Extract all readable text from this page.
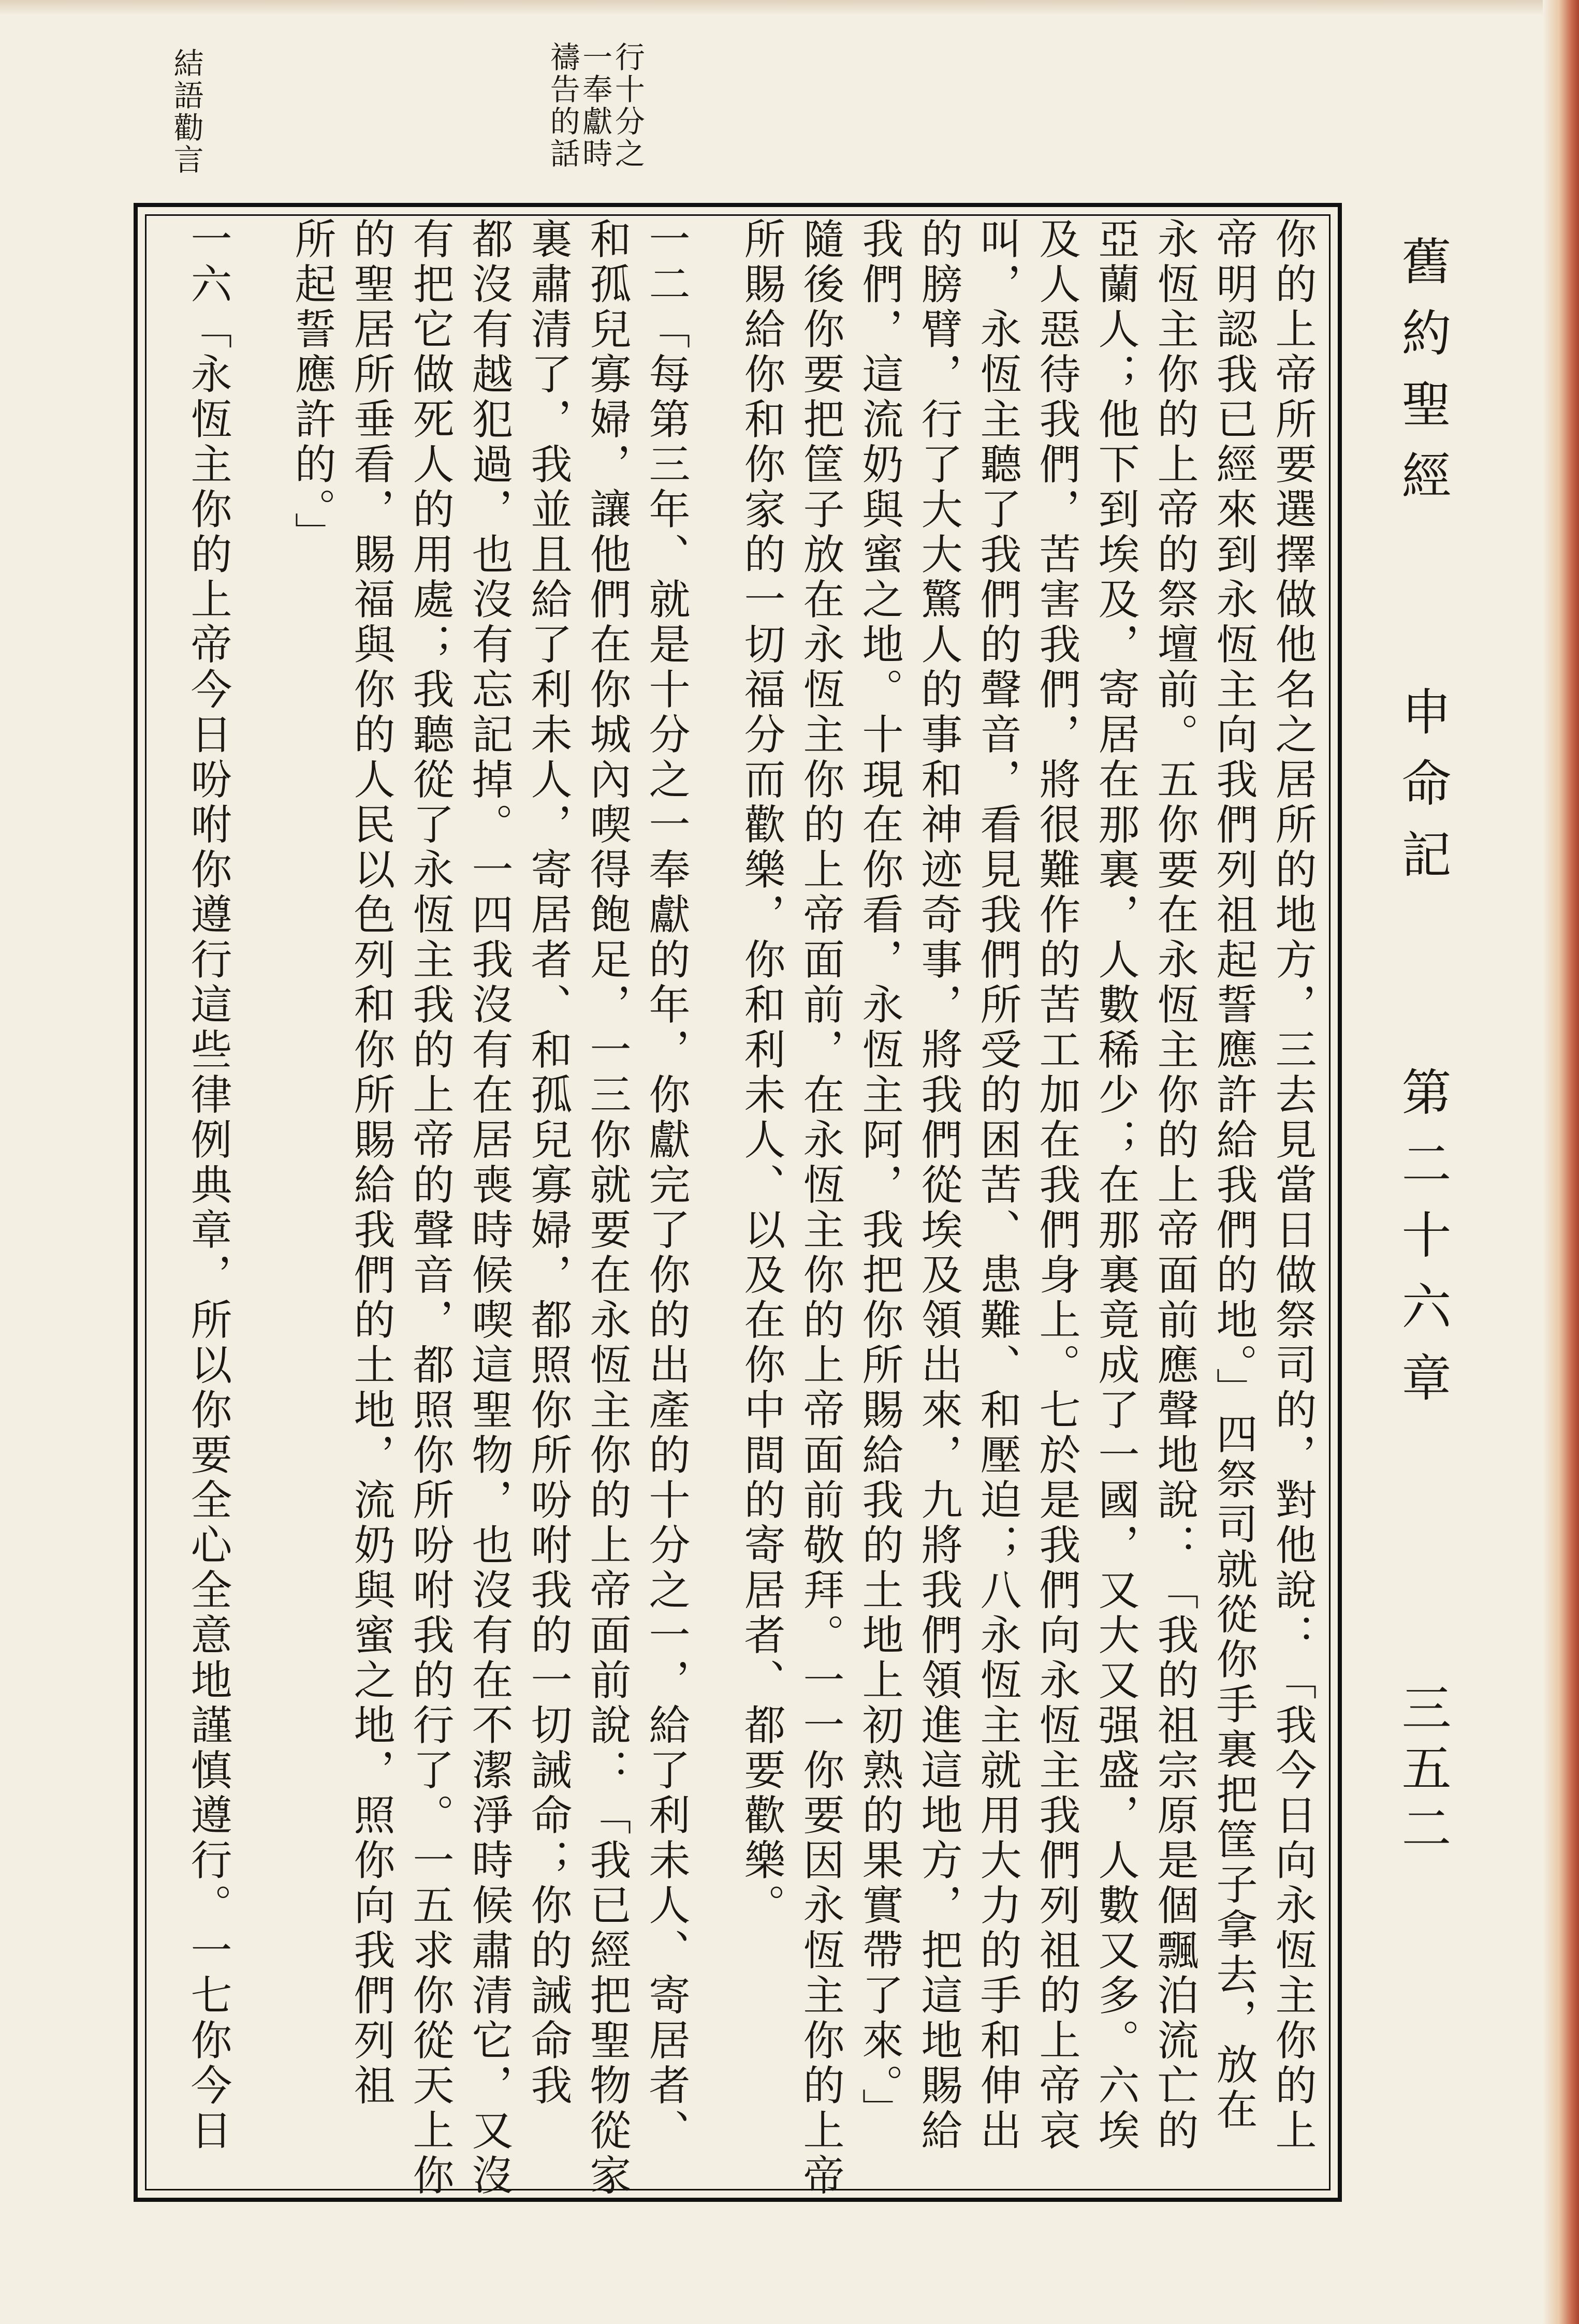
舊約聖經
申命記
第二十六章
三五二
行十分之一奉獻時禱告的話
結語勸言
你的上帝所要選擇做他名之居所的地方，三去見當日做祭司的，對他說：「我今日向永恆主你的上
帝明認我已經來到永恆主向我們列祖起誓應許給我們的地。」四祭司就從你手裏把筐子拿去，放在
永恆主你的上帝的祭壇前。五你要在永恆主你的上帝面前應聲地說：「我的祖宗原是個飄泊流亡的
亞蘭人；他下到埃及，寄居在那裏，人數稀少；在那裏竟成了一國，又大又强盛，人數又多。六埃
及人惡待我們，苦害我們，將很難作的苦工加在我們身上。七於是我們向永恆主我們列祖的上帝哀
叫，永恆主聽了我們的聲音，看見我們所受的困苦、患難、和壓迫；八永恆主就用大力的手和伸出
的膀臂，行了大大驚人的事和神迹奇事，將我們從埃及領出來，九將我們領進這地方，把這地賜給
我們，這流奶與蜜之地。十現在你看，永恆主阿，我把你所賜給我的土地上初熟的果實帶了來。」
隨後你要把筐子放在永恆主你的上帝面前，在永恆主你的上帝面前敬拜。一一你要因永恆主你的上帝
所賜給你和你家的一切福分而歡樂，你和利未人、以及在你中間的寄居者、都要歡樂。
一二「每第三年、就是十分之一奉獻的年，你獻完了你的出產的十分之一，給了利未人、寄居者、
和孤兒寡婦，讓他們在你城內喫得飽足，一三你就要在永恆主你的上帝面前說：「我已經把聖物從家
裏肅清了，我並且給了利未人，寄居者、和孤兒寡婦，都照你所吩咐我的一切誡命；你的誡命我
都沒有越犯過，也沒有忘記掉。一四我沒有在居喪時候喫這聖物，也沒有在不潔淨時候肅清它，又沒
有把它做死人的用處；我聽從了永恆主我的上帝的聲音，都照你所吩咐我的行了。一五求你從天上你
的聖居所垂看，賜福與你的人民以色列和你所賜給我們的土地，流奶與蜜之地，照你向我們列祖
所起誓應許的。」
一六「永恆主你的上帝今日吩咐你遵行這些律例典章，所以你要全心全意地謹慎遵行。一七你今日
